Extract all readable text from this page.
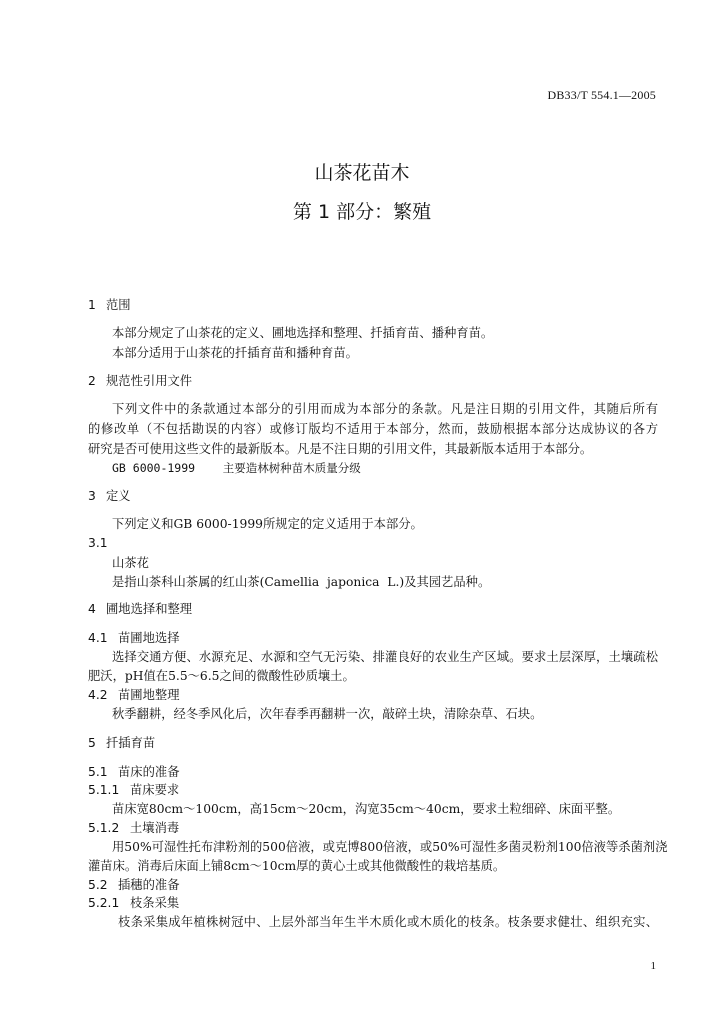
DB33/T 554.1—2005
山茶花苗木
第 1 部分：繁殖
1 范围
本部分规定了山茶花的定义、圃地选择和整理、扦插育苗、播种育苗。
本部分适用于山茶花的扦插育苗和播种育苗。
2 规范性引用文件
下列文件中的条款通过本部分的引用而成为本部分的条款。凡是注日期的引用文件，其随后所有
的修改单（不包括勘误的内容）或修订版均不适用于本部分，然而，鼓励根据本部分达成协议的各方
研究是否可使用这些文件的最新版本。凡是不注日期的引用文件，其最新版本适用于本部分。
GB 6000-1999    主要造林树种苗木质量分级
3 定义
下列定义和GB 6000-1999所规定的定义适用于本部分。
3.1
山茶花
是指山茶科山茶属的红山茶(Camellia  japonica  L.)及其园艺品种。
4 圃地选择和整理
4.1 苗圃地选择
选择交通方便、水源充足、水源和空气无污染、排灌良好的农业生产区域。要求土层深厚，土壤疏松
肥沃，pH值在5.5～6.5之间的微酸性砂质壤土。
4.2 苗圃地整理
秋季翻耕，经冬季风化后，次年春季再翻耕一次，敲碎土块，清除杂草、石块。
5 扦插育苗
5.1 苗床的准备
5.1.1 苗床要求
苗床宽80cm～100cm，高15cm～20cm，沟宽35cm～40cm，要求土粒细碎、床面平整。
5.1.2 土壤消毒
用50%可湿性托布津粉剂的500倍液，或克博800倍液，或50%可湿性多菌灵粉剂100倍液等杀菌剂浇
灌苗床。消毒后床面上铺8cm～10cm厚的黄心土或其他微酸性的栽培基质。
5.2 插穗的准备
5.2.1 枝条采集
枝条采集成年植株树冠中、上层外部当年生半木质化或木质化的枝条。枝条要求健壮、组织充实、
1
